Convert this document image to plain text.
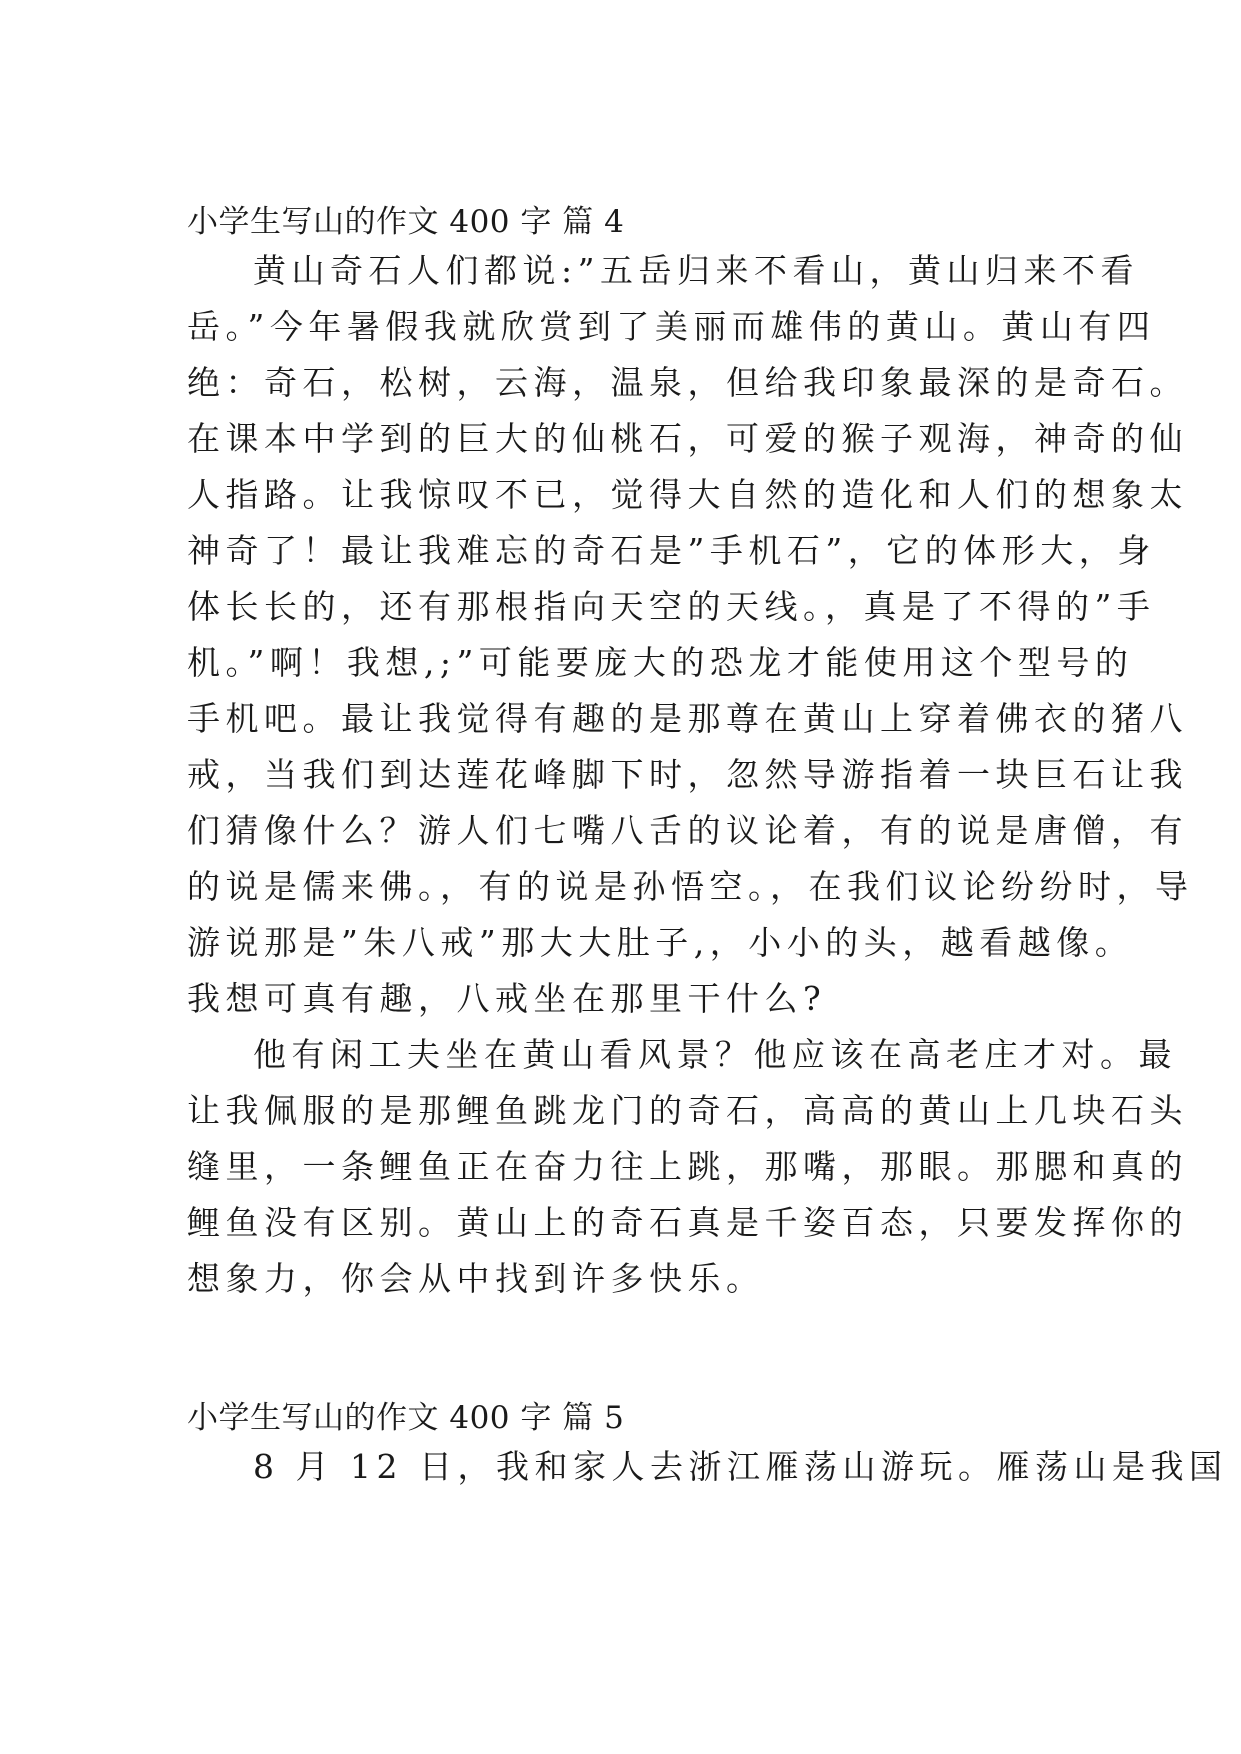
小学生写山的作文 400 字 篇 4
黄山奇石人们都说:”五岳归来不看山，黄山归来不看
岳。”今年暑假我就欣赏到了美丽而雄伟的黄山。黄山有四
绝：奇石，松树，云海，温泉，但给我印象最深的是奇石。
在课本中学到的巨大的仙桃石，可爱的猴子观海，神奇的仙
人指路。让我惊叹不已，觉得大自然的造化和人们的想象太
神奇了！最让我难忘的奇石是”手机石”，它的体形大，身
体长长的，还有那根指向天空的天线。，真是了不得的”手
机。”啊！我想,;”可能要庞大的恐龙才能使用这个型号的
手机吧。最让我觉得有趣的是那尊在黄山上穿着佛衣的猪八
戒，当我们到达莲花峰脚下时，忽然导游指着一块巨石让我
们猜像什么？游人们七嘴八舌的议论着，有的说是唐僧，有
的说是儒来佛。，有的说是孙悟空。，在我们议论纷纷时，导
游说那是”朱八戒”那大大肚子,，小小的头，越看越像。
我想可真有趣，八戒坐在那里干什么?
他有闲工夫坐在黄山看风景？他应该在高老庄才对。最
让我佩服的是那鲤鱼跳龙门的奇石，高高的黄山上几块石头
缝里，一条鲤鱼正在奋力往上跳，那嘴，那眼。那腮和真的
鲤鱼没有区别。黄山上的奇石真是千姿百态，只要发挥你的
想象力，你会从中找到许多快乐。
小学生写山的作文 400 字 篇 5
8 月 12 日，我和家人去浙江雁荡山游玩。雁荡山是我国
